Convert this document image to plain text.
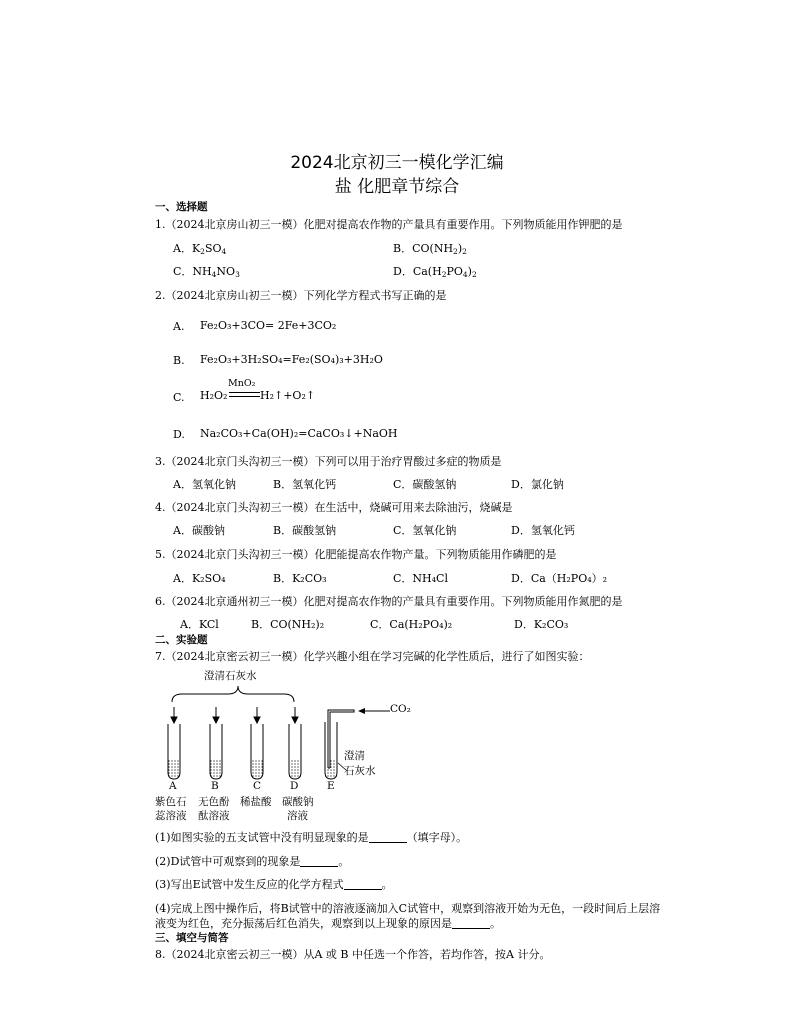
2024北京初三一模化学汇编
盐 化肥章节综合
一、选择题
1.（2024北京房山初三一模）化肥对提高农作物的产量具有重要作用。下列物质能用作钾肥的是
A．$K_2SO_4$	B．$CO(NH_2)_2$
C．$NH_4NO_3$	D．$Ca(H_2PO_4)_2$
2.（2024北京房山初三一模）下列化学方程式书写正确的是
A. Fe₂O₃+3CO= 2Fe+3CO₂
B. Fe₂O₃+3H₂SO₄=Fe₂(SO₄)₃+3H₂O
C. H₂O₂
MnO₂
H₂↑+O₂↑
D. Na₂CO₃+Ca(OH)₂=CaCO₃↓+NaOH
3.（2024北京门头沟初三一模）下列可以用于治疗胃酸过多症的物质是
A．氢氧化钠	B．氢氧化钙	C．碳酸氢钠	D．氯化钠
4.（2024北京门头沟初三一模）在生活中，烧碱可用来去除油污，烧碱是
A．碳酸钠	B．碳酸氢钠	C．氢氧化钠	D．氢氧化钙
5.（2024北京门头沟初三一模）化肥能提高农作物产量。下列物质能用作磷肥的是
A．K₂SO₄	B．K₂CO₃	C．NH₄Cl	D．Ca（H₂PO₄）₂
6.（2024北京通州初三一模）化肥对提高农作物的产量具有重要作用。下列物质能用作氮肥的是
A．KCl	B．CO(NH₂)₂	C．Ca(H₂PO₄)₂	D．K₂CO₃
二、实验题
7.（2024北京密云初三一模）化学兴趣小组在学习完碱的化学性质后，进行了如图实验：
澄清石灰水
CO₂
澄清
石灰水
A	B	C	D	E
紫色石
蕊溶液
无色酚
酞溶液
稀盐酸 碳酸钠
溶液
(1)如图实验的五支试管中没有明显现象的是	（填字母）。
(2)D试管中可观察到的现象是	。
(3)写出E试管中发生反应的化学方程式	。
(4)完成上图中操作后，将B试管中的溶液逐滴加入C试管中，观察到溶液开始为无色，一段时间后上层溶
液变为红色，充分振荡后红色消失，观察到以上现象的原因是	。
三、填空与简答
8.（2024北京密云初三一模）从A 或 B 中任选一个作答，若均作答，按A 计分。
